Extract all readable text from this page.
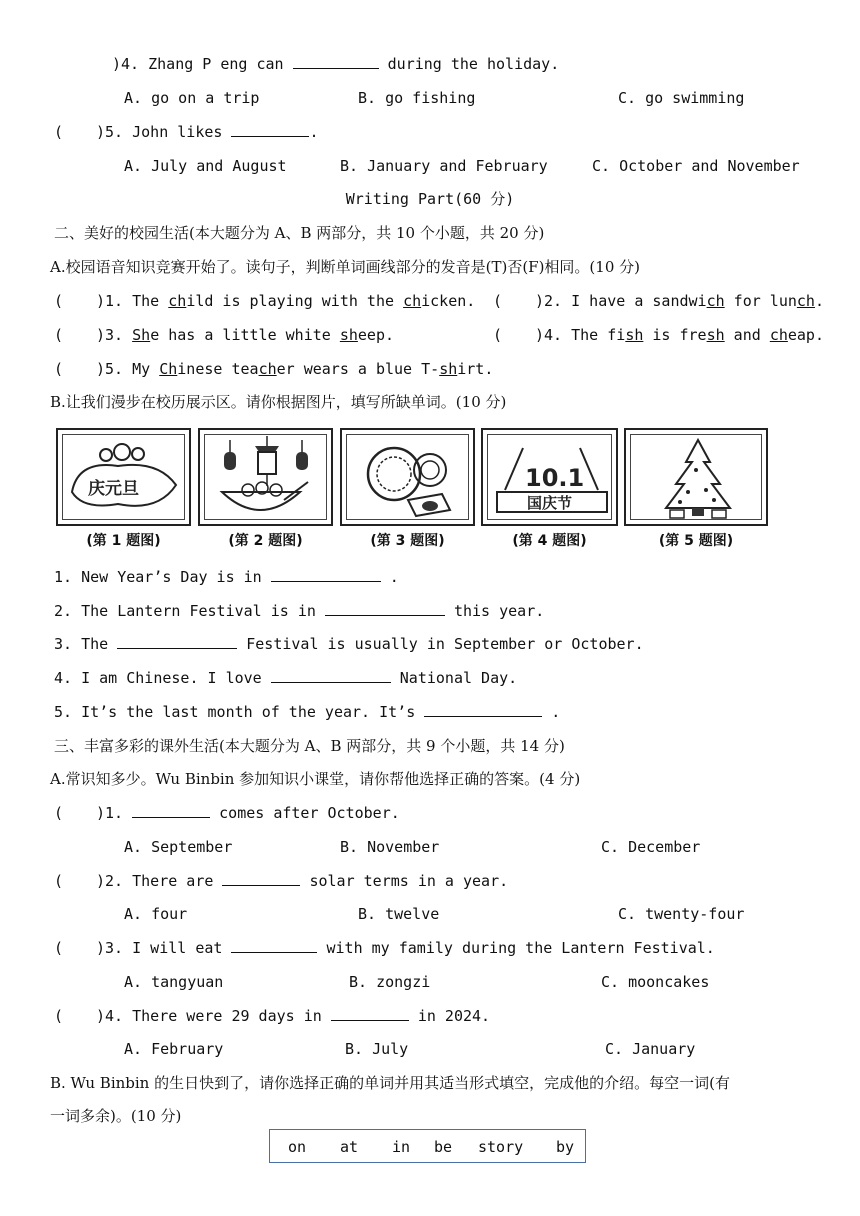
)4. Zhang P eng can	during the holiday.
A. go on a trip	B. go fishing	C. go swimming
( )5. John likes	.
A. July and August	B. January and February	C. October and November
Writing Part(60 分)
二、美好的校园生活(本大题分为 A、B 两部分，共 10 个小题，共 20 分)
A.校园语音知识竞赛开始了。读句子，判断单词画线部分的发音是(T)否(F)相同。(10 分)
( )1. The child is playing with the chicken. ( )2. I have a sandwich for lunch.
( )3. She has a little white sheep.	( )4. The fish is fresh and cheap.
( )5. My Chinese teacher wears a blue T-shirt.
B.让我们漫步在校历展示区。请你根据图片，填写所缺单词。(10 分)
庆元旦	10.1
国庆节
(第 1 题图)	(第 2 题图)	(第 3 题图)	(第 4 题图)	(第 5 题图)
1. New Year’s Day is in	.
2. The Lantern Festival is in	this year.
3. The	Festival is usually in September or October.
4. I am Chinese. I love	National Day.
5. It’s the last month of the year. It’s	.
三、丰富多彩的课外生活(本大题分为 A、B 两部分，共 9 个小题，共 14 分)
A.常识知多少。Wu Binbin 参加知识小课堂，请你帮他选择正确的答案。(4 分)
( )1.	comes after October.
A. September	B. November	C. December
( )2. There are	solar terms in a year.
A. four	B. twelve	C. twenty-four
( )3. I will eat	with my family during the Lantern Festival.
A. tangyuan	B. zongzi	C. mooncakes
( )4. There were 29 days in	in 2024.
A. February	B. July	C. January
B. Wu Binbin 的生日快到了，请你选择正确的单词并用其适当形式填空，完成他的介绍。每空一词(有
一词多余)。(10 分)
on at in be story by
